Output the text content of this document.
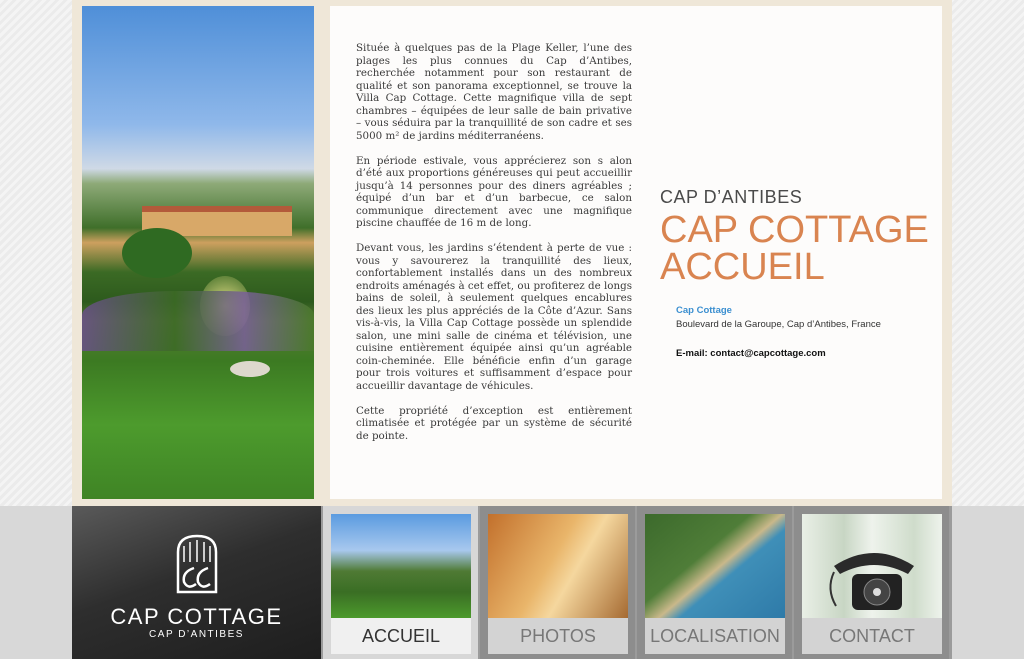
Située à quelques pas de la Plage Keller, l’une des plages les plus connues du Cap d’Antibes, recherchée notamment pour son restaurant de qualité et son panorama exceptionnel, se trouve la Villa Cap Cottage. Cette magnifique villa de sept chambres – équipées de leur salle de bain privative – vous séduira par la tranquillité de son cadre et ses 5000 m² de jardins méditerranéens.

En période estivale, vous apprécierez son s alon d’été aux proportions généreuses qui peut accueillir jusqu’à 14 personnes pour des diners agréables ; équipé d’un bar et d’un barbecue, ce salon communique directement avec une magnifique piscine chauffée de 16 m de long.

Devant vous, les jardins s’étendent à perte de vue : vous y savourerez la tranquillité des lieux, confortablement installés dans un des nombreux endroits aménagés à cet effet, ou profiterez de longs bains de soleil, à seulement quelques encablures des lieux les plus appréciés de la Côte d’Azur. Sans vis-à-vis, la Villa Cap Cottage possède un splendide salon, une mini salle de cinéma et télévision, une cuisine entièrement équipée ainsi qu’un agréable coin-cheminée. Elle bénéficie enfin d’un garage pour trois voitures et suffisamment d’espace pour accueillir davantage de véhicules.

Cette propriété d’exception est entièrement climatisée et protégée par un système de sécurité de pointe.

CAP D’ANTIBES
CAP COTTAGE
ACCUEIL
Cap Cottage
Boulevard de la Garoupe, Cap d’Antibes, France
E-mail: contact@capcottage.com
CAP COTTAGE
CAP D’ANTIBES	ACCUEIL	PHOTOS	LOCALISATION	CONTACT
